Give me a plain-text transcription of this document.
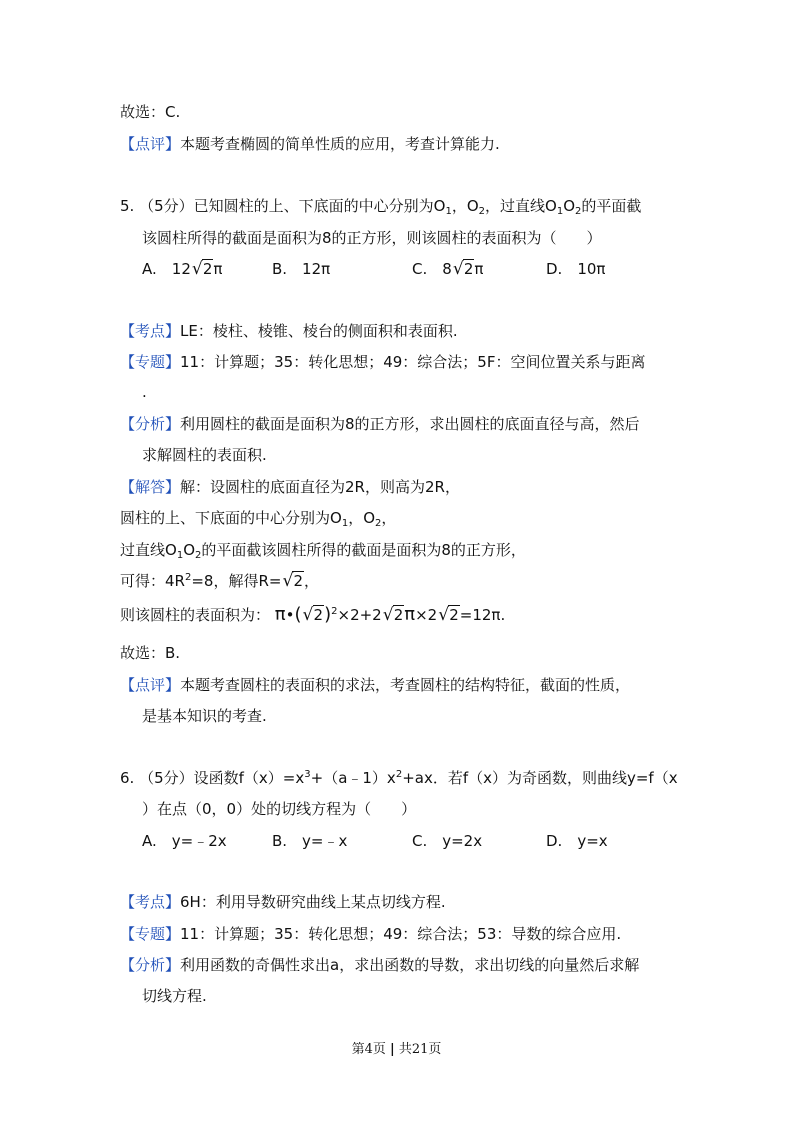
故选：C.
【点评】本题考查椭圆的简单性质的应用，考查计算能力.
5. （5分）已知圆柱的上、下底面的中心分别为$O_1$，$O_2$，过直线$O_1O_2$的平面截
该圆柱所得的截面是面积为8的正方形，则该圆柱的表面积为（　　）
A.　 12 √ 2π	B.　12π	C.　 8 √ 2π	D.　10π
【考点】LE：棱柱、棱锥、棱台的侧面积和表面积.
【专题】11：计算题；35：转化思想；49：综合法；5F：空间位置关系与距离
.
【分析】利用圆柱的截面是面积为8的正方形，求出圆柱的底面直径与高，然后
求解圆柱的表面积.
【解答】解：设圆柱的底面直径为2R，则高为2R，
圆柱的上、下底面的中心分别为$O_1$，$O_2$，
过直线$O_1O_2$的平面截该圆柱所得的截面是面积为8的正方形，
可得：$4R^2=8$，解得R= √ 2，
则该圆柱的表面积为： π•( √ 2)$^2$×2+2 √ 2π×2 √ 2=12π.
故选：B.
【点评】本题考查圆柱的表面积的求法，考查圆柱的结构特征，截面的性质，
是基本知识的考查.
6. （5分）设函数$f(x)=x^3+(a﹣1)x^2+ax$．若f（x）为奇函数，则曲线y=f（x
）在点（0，0）处的切线方程为（　　）
A.　y=﹣2x	B.　y=﹣x	C.　y=2x	D.　y=x
【考点】6H：利用导数研究曲线上某点切线方程.
【专题】11：计算题；35：转化思想；49：综合法；53：导数的综合应用.
【分析】利用函数的奇偶性求出a，求出函数的导数，求出切线的向量然后求解
切线方程.
第4页 | 共21页
